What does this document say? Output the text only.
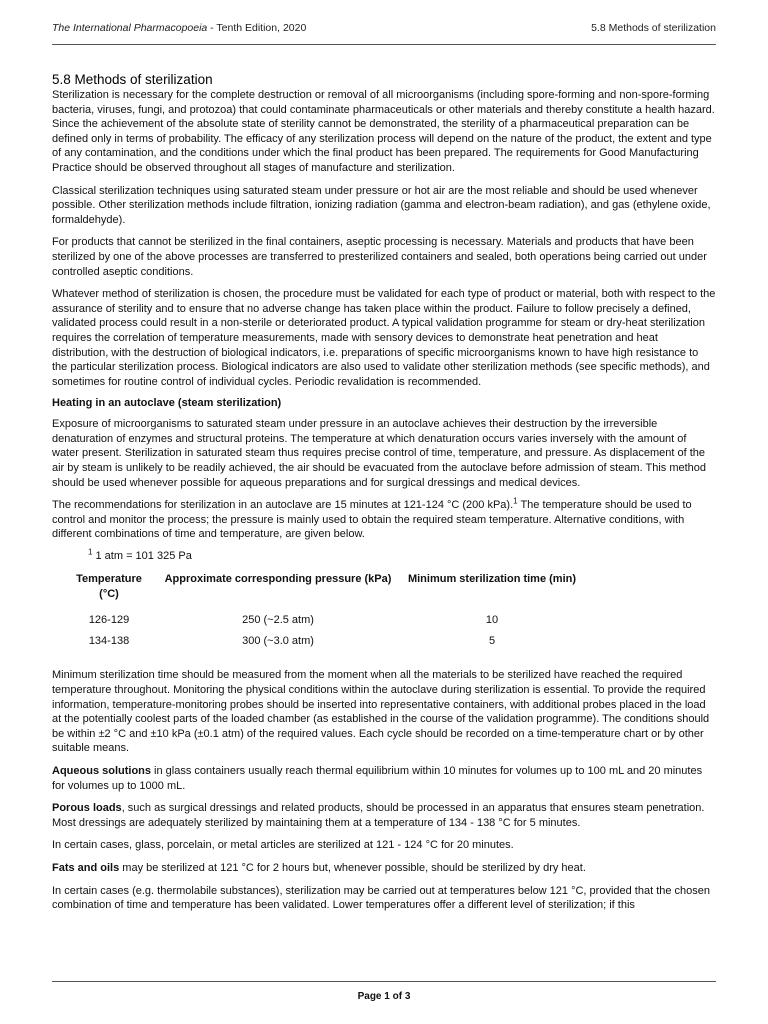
The International Pharmacopoeia - Tenth Edition, 2020	5.8 Methods of sterilization
5.8 Methods of sterilization

Sterilization is necessary for the complete destruction or removal of all microorganisms (including spore-forming and non-spore-forming bacteria, viruses, fungi, and protozoa) that could contaminate pharmaceuticals or other materials and thereby constitute a health hazard. Since the achievement of the absolute state of sterility cannot be demonstrated, the sterility of a pharmaceutical preparation can be defined only in terms of probability. The efficacy of any sterilization process will depend on the nature of the product, the extent and type of any contamination, and the conditions under which the final product has been prepared. The requirements for Good Manufacturing Practice should be observed throughout all stages of manufacture and sterilization.

Classical sterilization techniques using saturated steam under pressure or hot air are the most reliable and should be used whenever possible. Other sterilization methods include filtration, ionizing radiation (gamma and electron-beam radiation), and gas (ethylene oxide, formaldehyde).

For products that cannot be sterilized in the final containers, aseptic processing is necessary. Materials and products that have been sterilized by one of the above processes are transferred to presterilized containers and sealed, both operations being carried out under controlled aseptic conditions.

Whatever method of sterilization is chosen, the procedure must be validated for each type of product or material, both with respect to the assurance of sterility and to ensure that no adverse change has taken place within the product. Failure to follow precisely a defined, validated process could result in a non-sterile or deteriorated product. A typical validation programme for steam or dry-heat sterilization requires the correlation of temperature measurements, made with sensory devices to demonstrate heat penetration and heat distribution, with the destruction of biological indicators, i.e. preparations of specific microorganisms known to have high resistance to the particular sterilization process. Biological indicators are also used to validate other sterilization methods (see specific methods), and sometimes for routine control of individual cycles. Periodic revalidation is recommended.

Heating in an autoclave (steam sterilization)

Exposure of microorganisms to saturated steam under pressure in an autoclave achieves their destruction by the irreversible denaturation of enzymes and structural proteins. The temperature at which denaturation occurs varies inversely with the amount of water present. Sterilization in saturated steam thus requires precise control of time, temperature, and pressure. As displacement of the air by steam is unlikely to be readily achieved, the air should be evacuated from the autoclave before admission of steam. This method should be used whenever possible for aqueous preparations and for surgical dressings and medical devices.

The recommendations for sterilization in an autoclave are 15 minutes at 121-124 °C (200 kPa).$^1$ The temperature should be used to control and monitor the process; the pressure is mainly used to obtain the required steam temperature. Alternative conditions, with different combinations of time and temperature, are given below.

$^1$ 1 atm = 101 325 Pa
Temperature (°C)	Approximate corresponding pressure (kPa)	Minimum sterilization time (min)
126-129	250 (~2.5 atm)	10
134-138	300 (~3.0 atm)	5

Minimum sterilization time should be measured from the moment when all the materials to be sterilized have reached the required temperature throughout. Monitoring the physical conditions within the autoclave during sterilization is essential. To provide the required information, temperature-monitoring probes should be inserted into representative containers, with additional probes placed in the load at the potentially coolest parts of the loaded chamber (as established in the course of the validation programme). The conditions should be within ±2 °C and ±10 kPa (±0.1 atm) of the required values. Each cycle should be recorded on a time-temperature chart or by other suitable means.

Aqueous solutions in glass containers usually reach thermal equilibrium within 10 minutes for volumes up to 100 mL and 20 minutes for volumes up to 1000 mL.

Porous loads, such as surgical dressings and related products, should be processed in an apparatus that ensures steam penetration. Most dressings are adequately sterilized by maintaining them at a temperature of 134 - 138 °C for 5 minutes.

In certain cases, glass, porcelain, or metal articles are sterilized at 121 - 124 °C for 20 minutes.

Fats and oils may be sterilized at 121 °C for 2 hours but, whenever possible, should be sterilized by dry heat.

In certain cases (e.g. thermolabile substances), sterilization may be carried out at temperatures below 121 °C, provided that the chosen combination of time and temperature has been validated. Lower temperatures offer a different level of sterilization; if this

Page 1 of 3
